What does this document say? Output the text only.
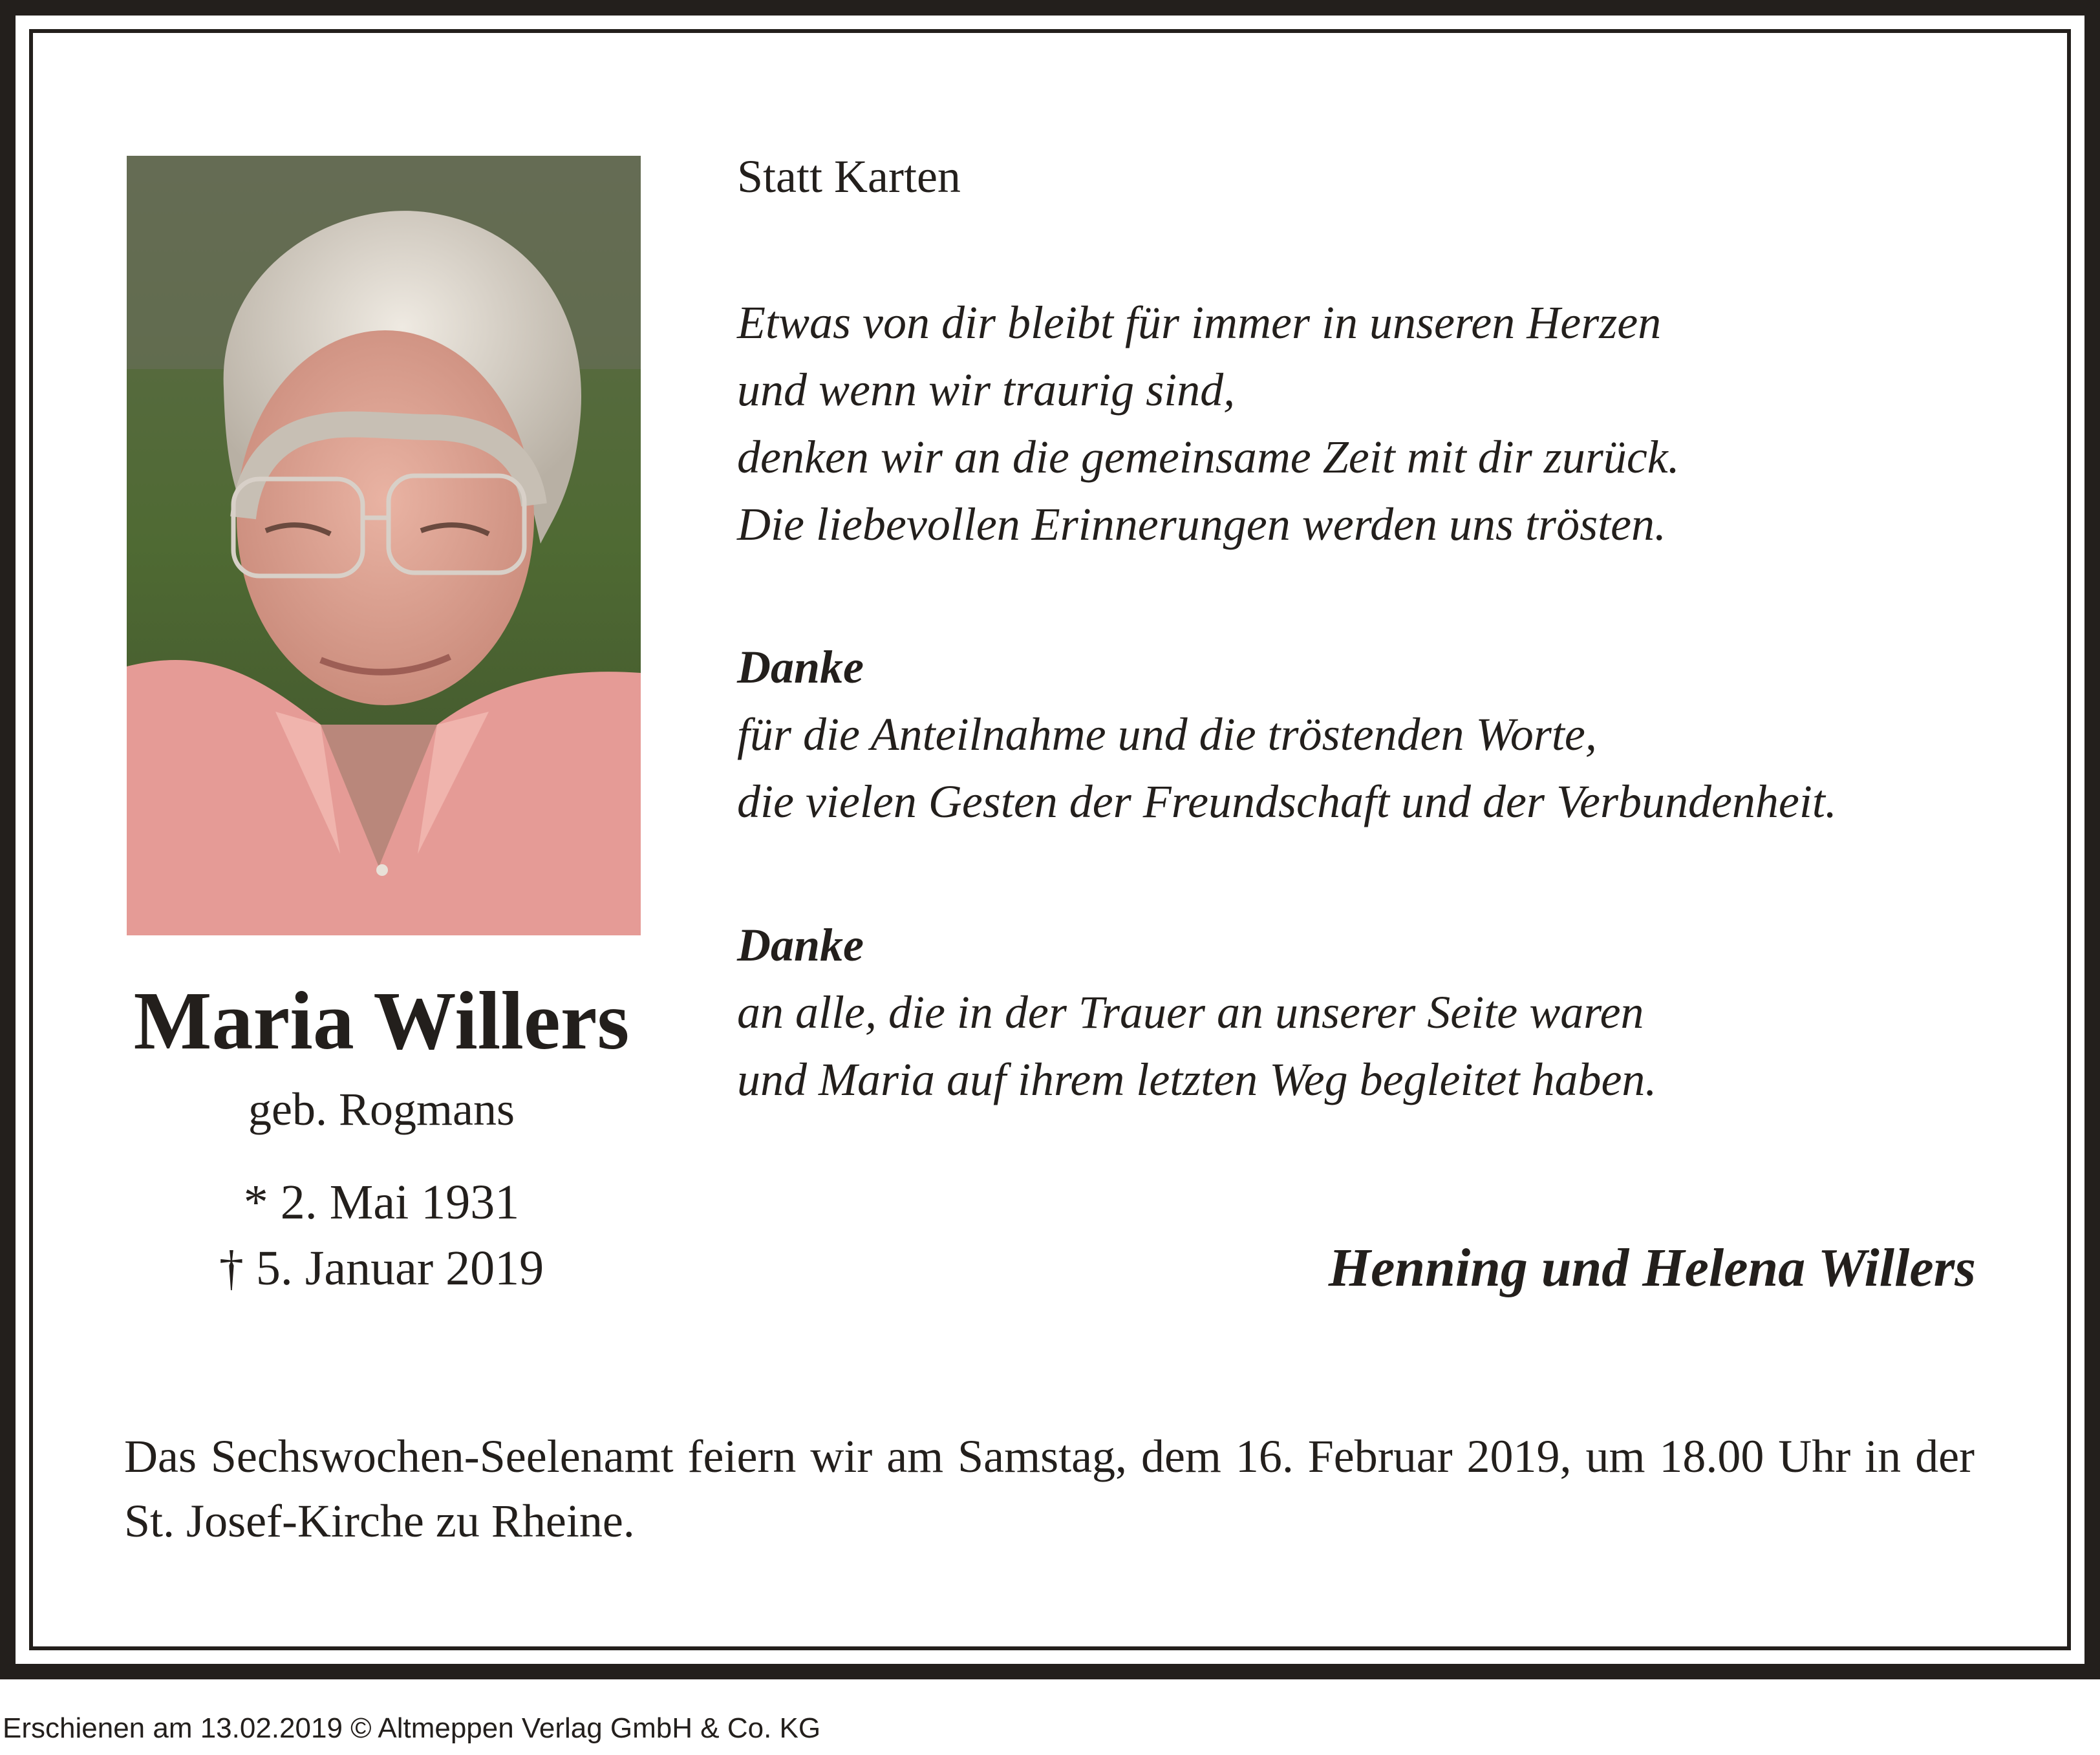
Maria Willers
geb. Rogmans
* 2. Mai 1931
† 5. Januar 2019
Statt Karten
Etwas von dir bleibt für immer in unseren Herzen
und wenn wir traurig sind,
denken wir an die gemeinsame Zeit mit dir zurück.
Die liebevollen Erinnerungen werden uns trösten.
Danke
für die Anteilnahme und die tröstenden Worte,
die vielen Gesten der Freundschaft und der Verbundenheit.
Danke
an alle, die in der Trauer an unserer Seite waren
und Maria auf ihrem letzten Weg begleitet haben.
Henning und Helena Willers
Das Sechswochen-Seelenamt feiern wir am Samstag, dem 16. Februar 2019, um 18.00 Uhr in der St. Josef-Kirche zu Rheine.
Erschienen am 13.02.2019 © Altmeppen Verlag GmbH & Co. KG
